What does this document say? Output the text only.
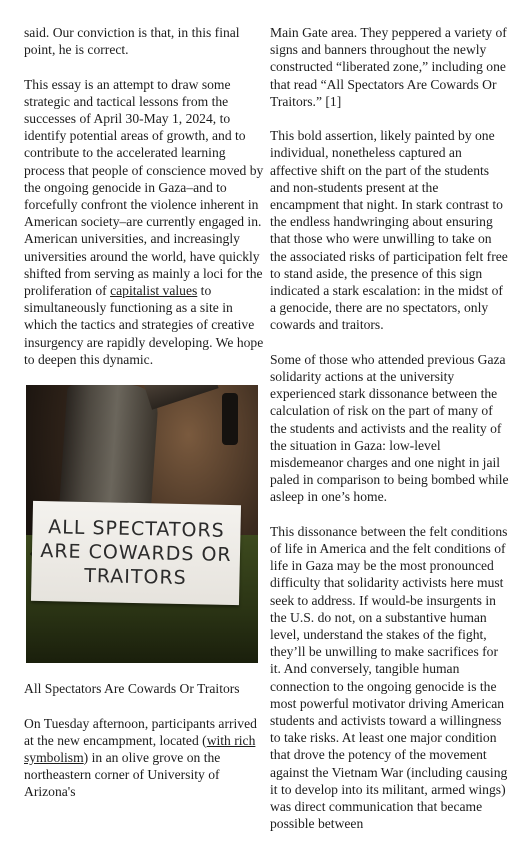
said. Our conviction is that, in this final point, he is correct.

This essay is an attempt to draw some strategic and tactical lessons from the successes of April 30-May 1, 2024, to identify potential areas of growth, and to contribute to the accelerated learning process that people of conscience moved by the ongoing genocide in Gaza–and to forcefully confront the violence inherent in American society–are currently engaged in. American universities, and increasingly universities around the world, have quickly shifted from serving as mainly a loci for the proliferation of capitalist values to simultaneously functioning as a site in which the tactics and strategies of creative insurgency are rapidly developing. We hope to deepen this dynamic.

ALL SPECTATORS
ARE COWARDS OR
TRAITORS

All Spectators Are Cowards Or Traitors

On Tuesday afternoon, participants arrived at the new encampment, located (with rich symbolism) in an olive grove on the northeastern corner of University of Arizona's

Main Gate area. They peppered a variety of signs and banners throughout the newly constructed “liberated zone,” including one that read “All Spectators Are Cowards Or Traitors.” [1]

This bold assertion, likely painted by one individual, nonetheless captured an affective shift on the part of the students and non-students present at the encampment that night. In stark contrast to the endless handwringing about ensuring that those who were unwilling to take on the associated risks of participation felt free to stand aside, the presence of this sign indicated a stark escalation: in the midst of a genocide, there are no spectators, only cowards and traitors.

Some of those who attended previous Gaza solidarity actions at the university experienced stark dissonance between the calculation of risk on the part of many of the students and activists and the reality of the situation in Gaza: low-level misdemeanor charges and one night in jail paled in comparison to being bombed while asleep in one’s home.

This dissonance between the felt conditions of life in America and the felt conditions of life in Gaza may be the most pronounced difficulty that solidarity activists here must seek to address. If would-be insurgents in the U.S. do not, on a substantive human level, understand the stakes of the fight, they’ll be unwilling to make sacrifices for it. And conversely, tangible human connection to the ongoing genocide is the most powerful motivator driving American students and activists toward a willingness to take risks. At least one major condition that drove the potency of the movement against the Vietnam War (including causing it to develop into its militant, armed wings) was direct communication that became possible between
